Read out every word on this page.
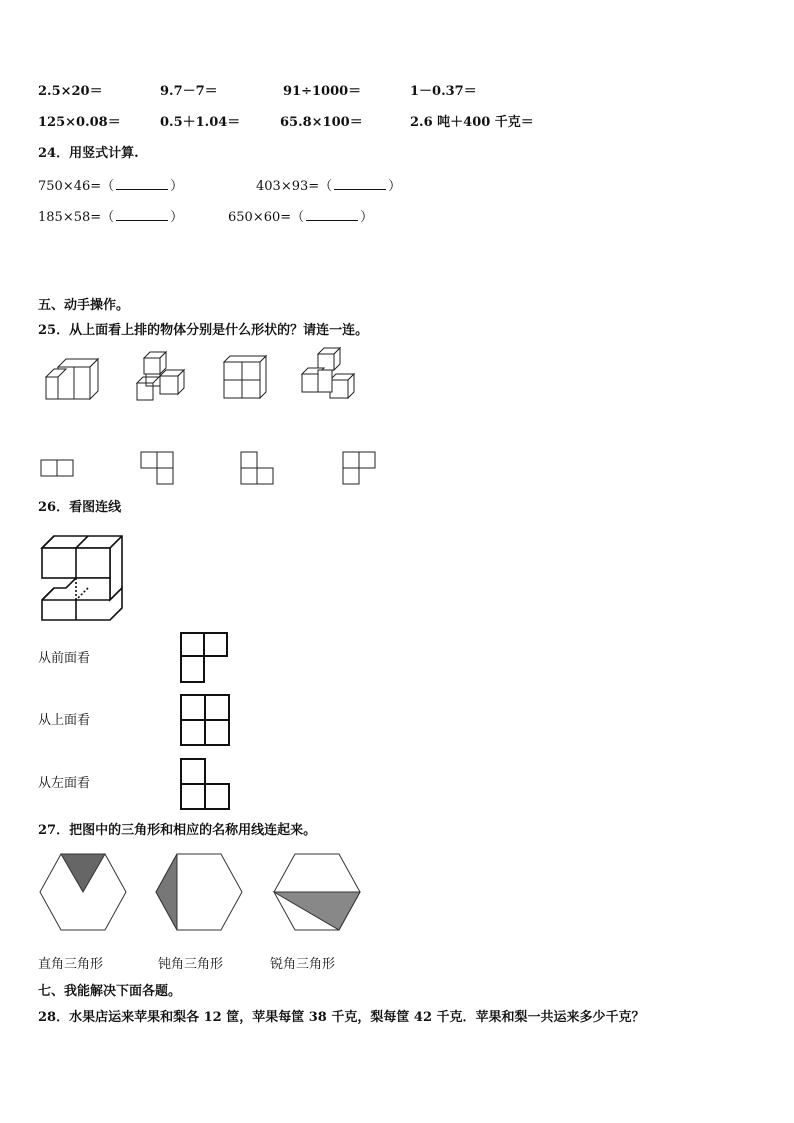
2.5×20＝	9.7－7＝	91÷1000＝	1－0.37＝
125×0.08＝	0.5＋1.04＝	65.8×100＝	2.6 吨＋400 千克＝
24．用竖式计算.
750×46=（	）	403×93=（	）
185×58=（	）	650×60=（	）
五、动手操作。
25．从上面看上排的物体分别是什么形状的？请连一连。
26．看图连线
从前面看
从上面看
从左面看
27．把图中的三角形和相应的名称用线连起来。
直角三角形	钝角三角形	锐角三角形
七、我能解决下面各题。
28．水果店运来苹果和梨各 12 筐，苹果每筐 38 千克，梨每筐 42 千克．苹果和梨一共运来多少千克？
